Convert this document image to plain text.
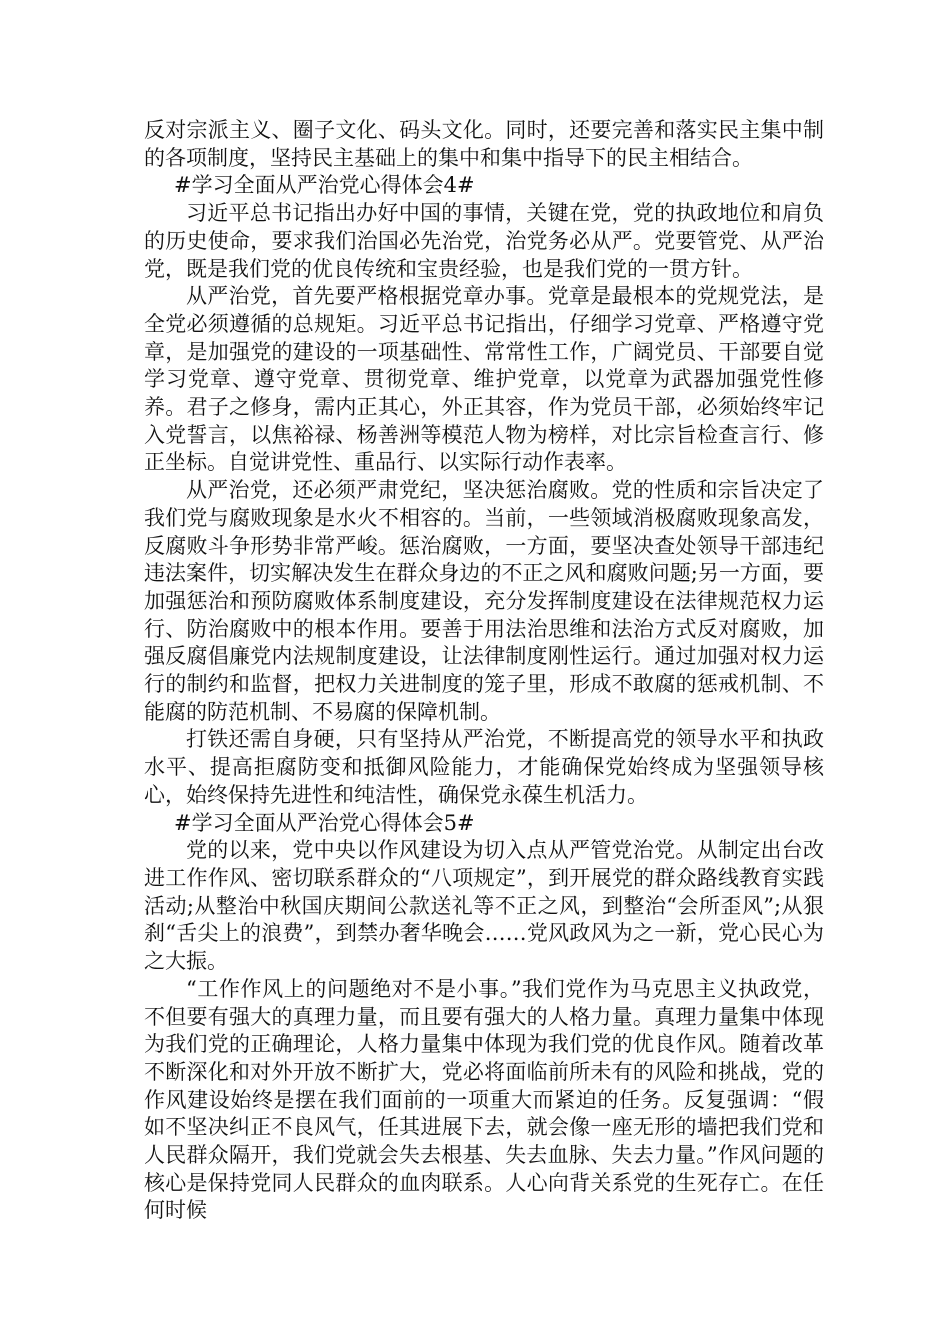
反对宗派主义、圈子文化、码头文化。同时，还要完善和落实民主集中制的各项制度，坚持民主基础上的集中和集中指导下的民主相结合。

#学习全面从严治党心得体会4#

习近平总书记指出办好中国的事情，关键在党，党的执政地位和肩负的历史使命，要求我们治国必先治党，治党务必从严。党要管党、从严治党，既是我们党的优良传统和宝贵经验，也是我们党的一贯方针。

从严治党，首先要严格根据党章办事。党章是最根本的党规党法，是全党必须遵循的总规矩。习近平总书记指出，仔细学习党章、严格遵守党章，是加强党的建设的一项基础性、常常性工作，广阔党员、干部要自觉学习党章、遵守党章、贯彻党章、维护党章，以党章为武器加强党性修养。君子之修身，需内正其心，外正其容，作为党员干部，必须始终牢记入党誓言，以焦裕禄、杨善洲等模范人物为榜样，对比宗旨检查言行、修正坐标。自觉讲党性、重品行、以实际行动作表率。

从严治党，还必须严肃党纪，坚决惩治腐败。党的性质和宗旨决定了我们党与腐败现象是水火不相容的。当前，一些领域消极腐败现象高发，反腐败斗争形势非常严峻。惩治腐败，一方面，要坚决查处领导干部违纪违法案件，切实解决发生在群众身边的不正之风和腐败问题;另一方面，要加强惩治和预防腐败体系制度建设，充分发挥制度建设在法律规范权力运行、防治腐败中的根本作用。要善于用法治思维和法治方式反对腐败，加强反腐倡廉党内法规制度建设，让法律制度刚性运行。通过加强对权力运行的制约和监督，把权力关进制度的笼子里，形成不敢腐的惩戒机制、不能腐的防范机制、不易腐的保障机制。

打铁还需自身硬，只有坚持从严治党，不断提高党的领导水平和执政水平、提高拒腐防变和抵御风险能力，才能确保党始终成为坚强领导核心，始终保持先进性和纯洁性，确保党永葆生机活力。

#学习全面从严治党心得体会5#

党的以来，党中央以作风建设为切入点从严管党治党。从制定出台改进工作作风、密切联系群众的“八项规定”，到开展党的群众路线教育实践活动;从整治中秋国庆期间公款送礼等不正之风，到整治“会所歪风”;从狠刹“舌尖上的浪费”，到禁办奢华晚会……党风政风为之一新，党心民心为之大振。

“工作作风上的问题绝对不是小事。”我们党作为马克思主义执政党，不但要有强大的真理力量，而且要有强大的人格力量。真理力量集中体现为我们党的正确理论，人格力量集中体现为我们党的优良作风。随着改革不断深化和对外开放不断扩大，党必将面临前所未有的风险和挑战，党的作风建设始终是摆在我们面前的一项重大而紧迫的任务。反复强调：“假如不坚决纠正不良风气，任其进展下去，就会像一座无形的墙把我们党和人民群众隔开，我们党就会失去根基、失去血脉、失去力量。”作风问题的核心是保持党同人民群众的血肉联系。人心向背关系党的生死存亡。在任何时候
